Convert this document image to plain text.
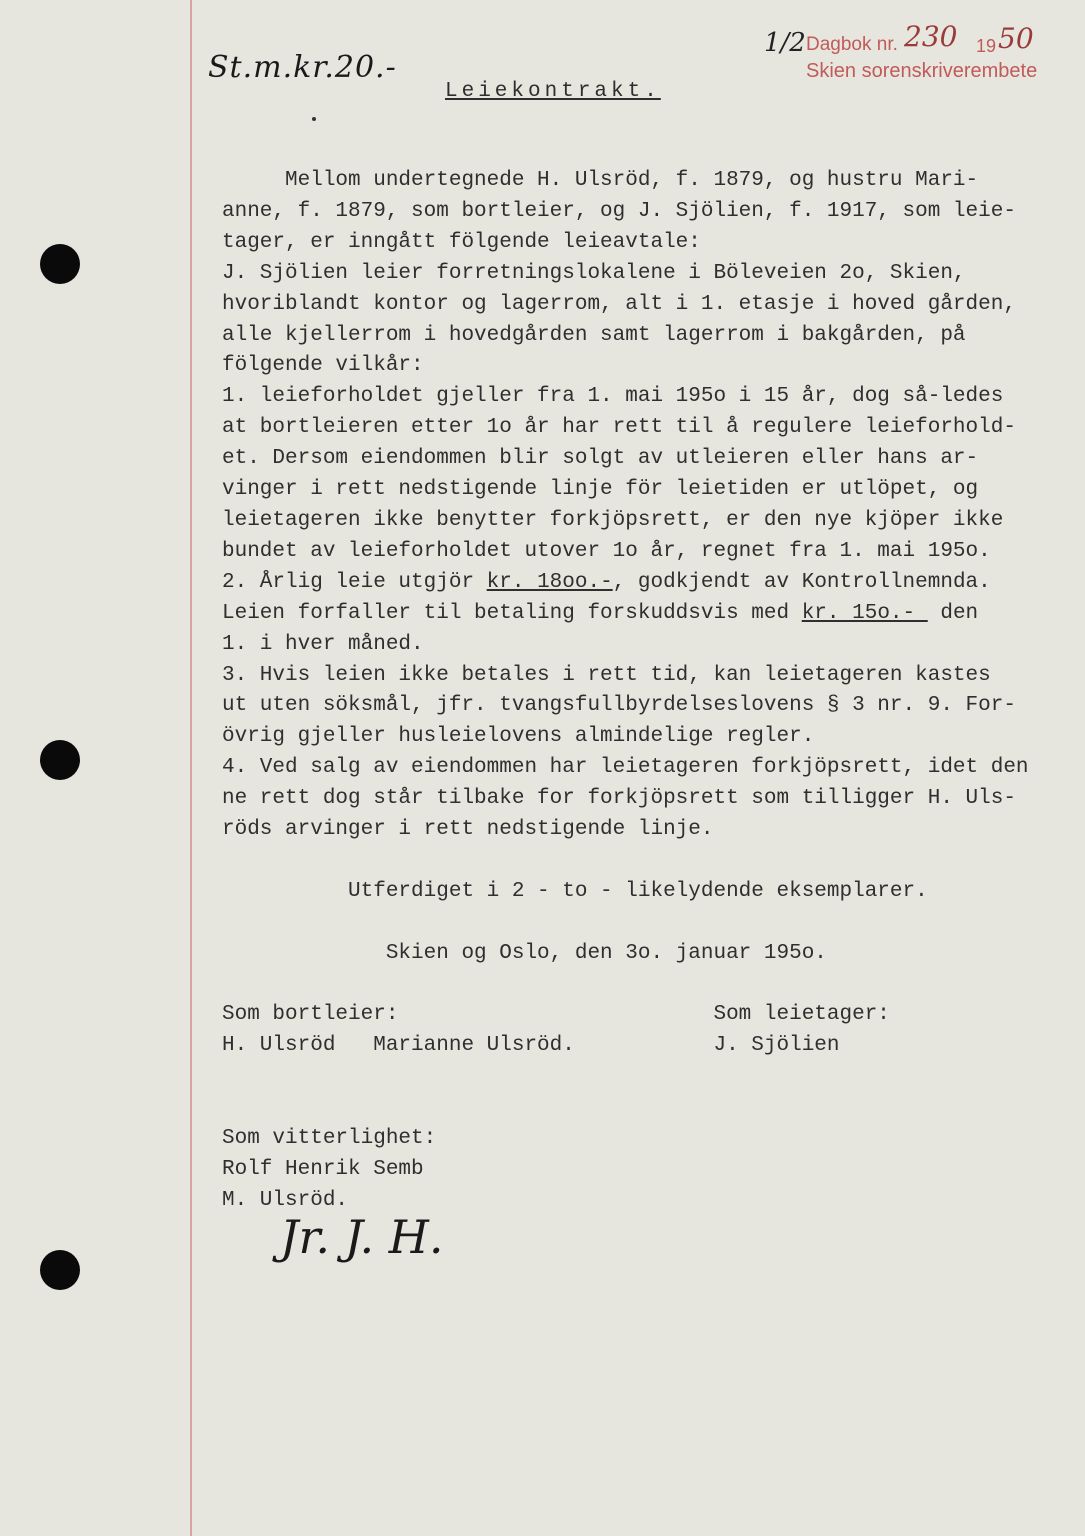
St.m.kr.20.-
Leiekontrakt.
1/2 Dagbok nr. 230 19 50
Skien sorenskriverembete
Mellom undertegnede H. Ulsröd, f. 1879, og hustru Mari-
anne, f. 1879, som bortleier, og J. Sjölien, f. 1917, som leie-
tager, er inngått fölgende leieavtale:
J. Sjölien leier forretningslokalene i Böleveien 2o, Skien,
hvoriblandt kontor og lagerrom, alt i 1. etasje i hoved gården,
alle kjellerrom i hovedgården samt lagerrom i bakgården, på
fölgende vilkår:
1. leieforholdet gjeller fra 1. mai 195o i 15 år, dog så-ledes
at bortleieren etter 1o år har rett til å regulere leieforhold-
et. Dersom eiendommen blir solgt av utleieren eller hans ar-
vinger i rett nedstigende linje för leietiden er utlöpet, og
leietageren ikke benytter forkjöpsrett, er den nye kjöper ikke
bundet av leieforholdet utover 1o år, regnet fra 1. mai 195o.
2. Årlig leie utgjör kr. 18oo.-, godkjendt av Kontrollnemnda.
Leien forfaller til betaling forskuddsvis med kr. 15o.-  den
1. i hver måned.
3. Hvis leien ikke betales i rett tid, kan leietageren kastes
ut uten söksmål, jfr. tvangsfullbyrdelseslovens § 3 nr. 9. For-
övrig gjeller husleielovens almindelige regler.
4. Ved salg av eiendommen har leietageren forkjöpsrett, idet den
ne rett dog står tilbake for forkjöpsrett som tilligger H. Uls-
röds arvinger i rett nedstigende linje.

Utferdiget i 2 - to - likelydende eksemplarer.

Skien og Oslo, den 3o. januar 195o.

Som bortleier:                         Som leietager:
H. Ulsröd   Marianne Ulsröd.           J. Sjölien

Som vitterlighet:
Rolf Henrik Semb
M. Ulsröd.
Jr. J. H.
